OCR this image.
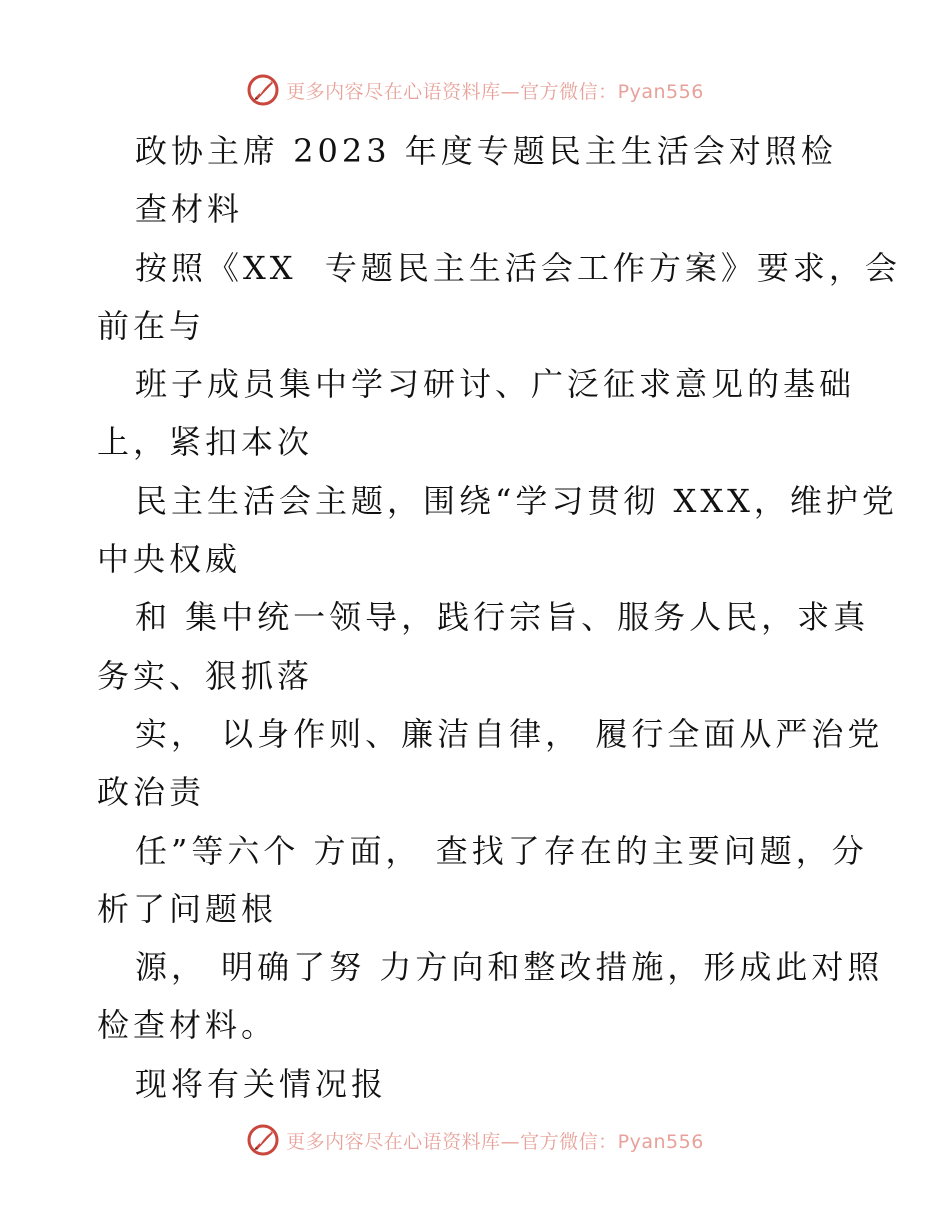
更多内容尽在心语资料库—官方微信：Pyan556
政协主席 2023 年度专题民主生活会对照检
查材料
按照《XX  专题民主生活会工作方案》要求，会
前在与
班子成员集中学习研讨、广泛征求意见的基础
上，紧扣本次
民主生活会主题，围绕“学习贯彻 XXX，维护党
中央权威
和 集中统一领导，践行宗旨、服务人民，求真
务实、狠抓落
实， 以身作则、廉洁自律， 履行全面从严治党
政治责
任”等六个 方面， 查找了存在的主要问题，分
析了问题根
源， 明确了努 力方向和整改措施，形成此对照
检查材料。
现将有关情况报
更多内容尽在心语资料库—官方微信：Pyan556
